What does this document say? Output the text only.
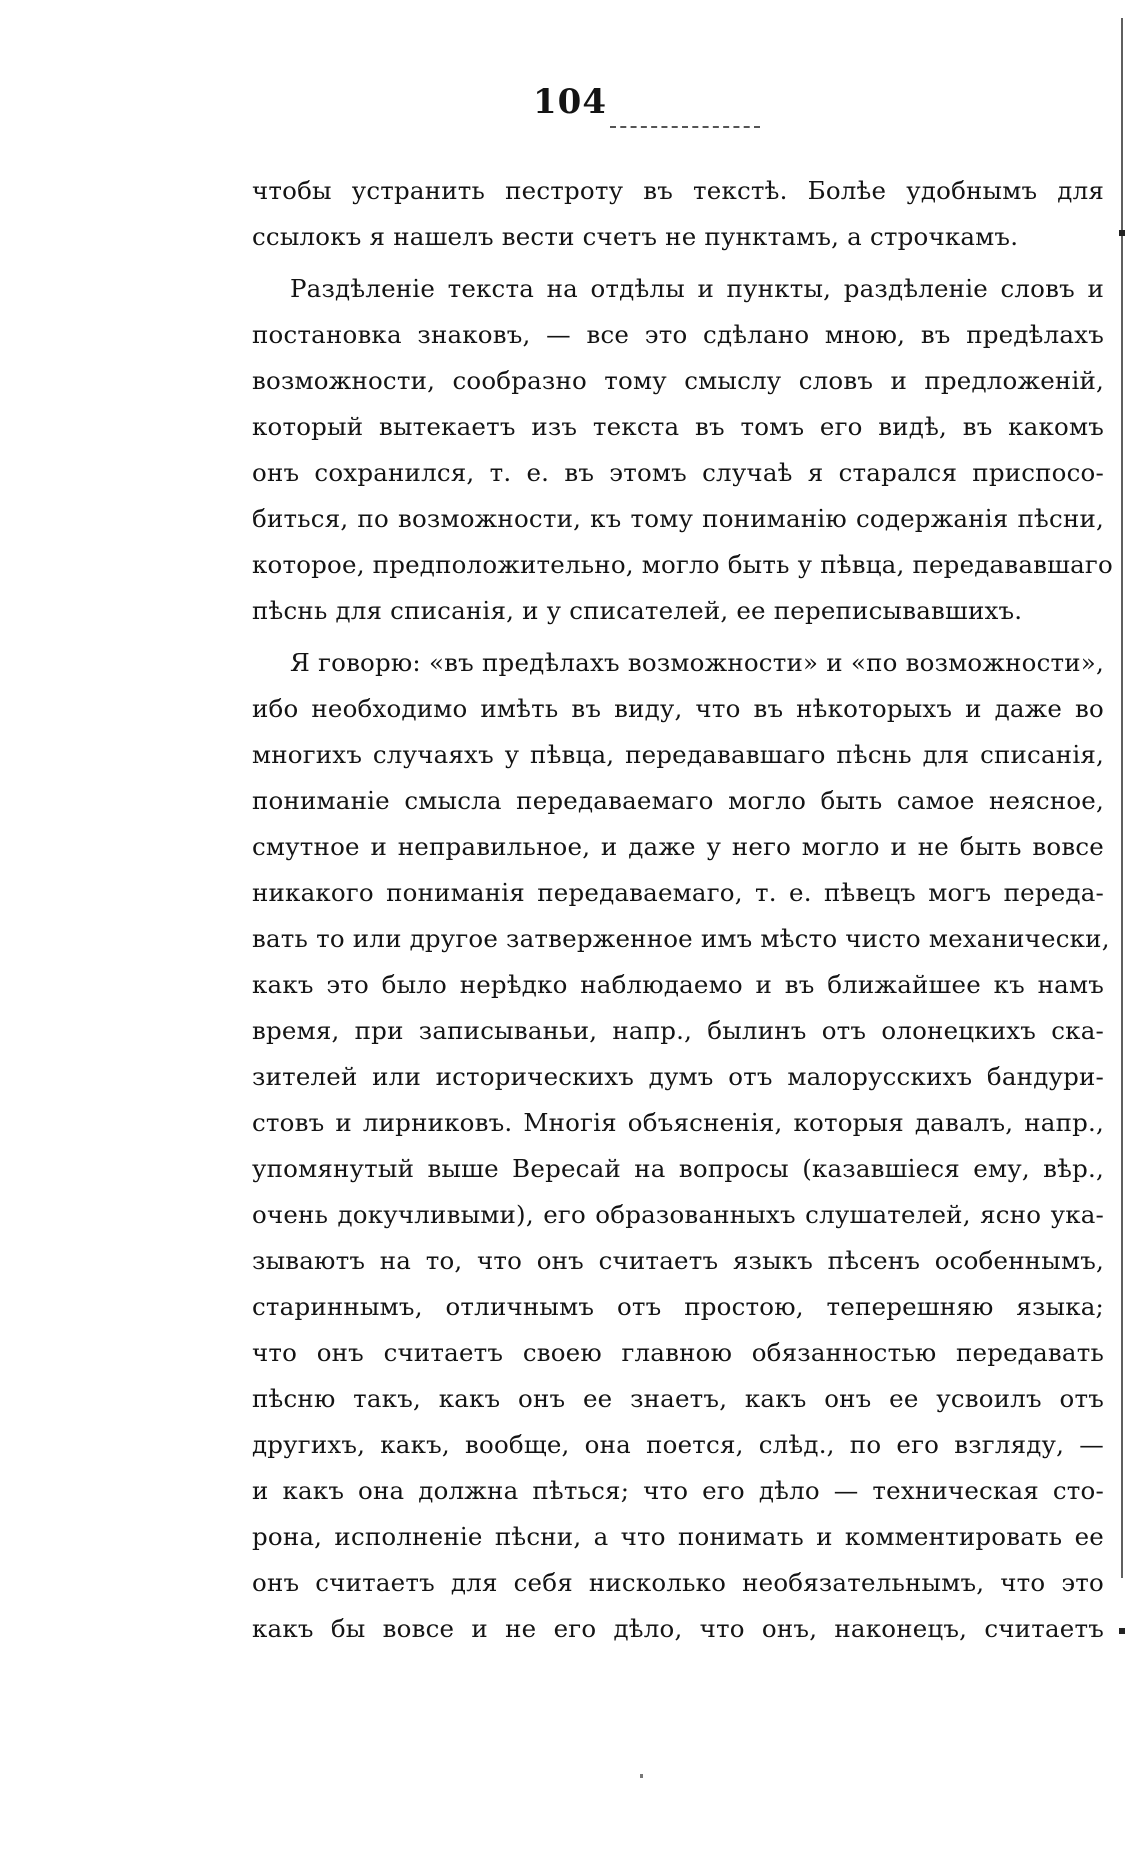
104
чтобы устранить пестроту въ текстѣ. Болѣе удобнымъ для
ссылокъ я нашелъ вести счетъ не пунктамъ, а строчкамъ.
Раздѣленіе текста на отдѣлы и пункты, раздѣленіе словъ и
постановка знаковъ, — все это сдѣлано мною, въ предѣлахъ
возможности, сообразно тому смыслу словъ и предложеній,
который вытекаетъ изъ текста въ томъ его видѣ, въ какомъ
онъ сохранился, т. е. въ этомъ случаѣ я старался приспосо-
биться, по возможности, къ тому пониманію содержанія пѣсни,
которое, предположительно, могло быть у пѣвца, передававшаго
пѣснь для списанія, и у списателей, ее переписывавшихъ.
Я говорю: «въ предѣлахъ возможности» и «по возможности»,
ибо необходимо имѣть въ виду, что въ нѣкоторыхъ и даже во
многихъ случаяхъ у пѣвца, передававшаго пѣснь для списанія,
пониманіе смысла передаваемаго могло быть самое неясное,
смутное и неправильное, и даже у него могло и не быть вовсе
никакого пониманія передаваемаго, т. е. пѣвецъ могъ переда-
вать то или другое затверженное имъ мѣсто чисто механически,
какъ это было нерѣдко наблюдаемо и въ ближайшее къ намъ
время, при записываньи, напр., былинъ отъ олонецкихъ ска-
зителей или историческихъ думъ отъ малорусскихъ бандури-
стовъ и лирниковъ. Многія объясненія, которыя давалъ, напр.,
упомянутый выше Вересай на вопросы (казавшіеся ему, вѣр.,
очень докучливыми), его образованныхъ слушателей, ясно ука-
зываютъ на то, что онъ считаетъ языкъ пѣсенъ особеннымъ,
стариннымъ, отличнымъ отъ простою, теперешняю языка;
что онъ считаетъ своею главною обязанностью передавать
пѣсню такъ, какъ онъ ее знаетъ, какъ онъ ее усвоилъ отъ
другихъ, какъ, вообще, она поется, слѣд., по его взгляду, —
и какъ она должна пѣться; что его дѣло — техническая сто-
рона, исполненіе пѣсни, а что понимать и комментировать ее
онъ считаетъ для себя нисколько необязательнымъ, что это
какъ бы вовсе и не его дѣло, что онъ, наконецъ, считаетъ
